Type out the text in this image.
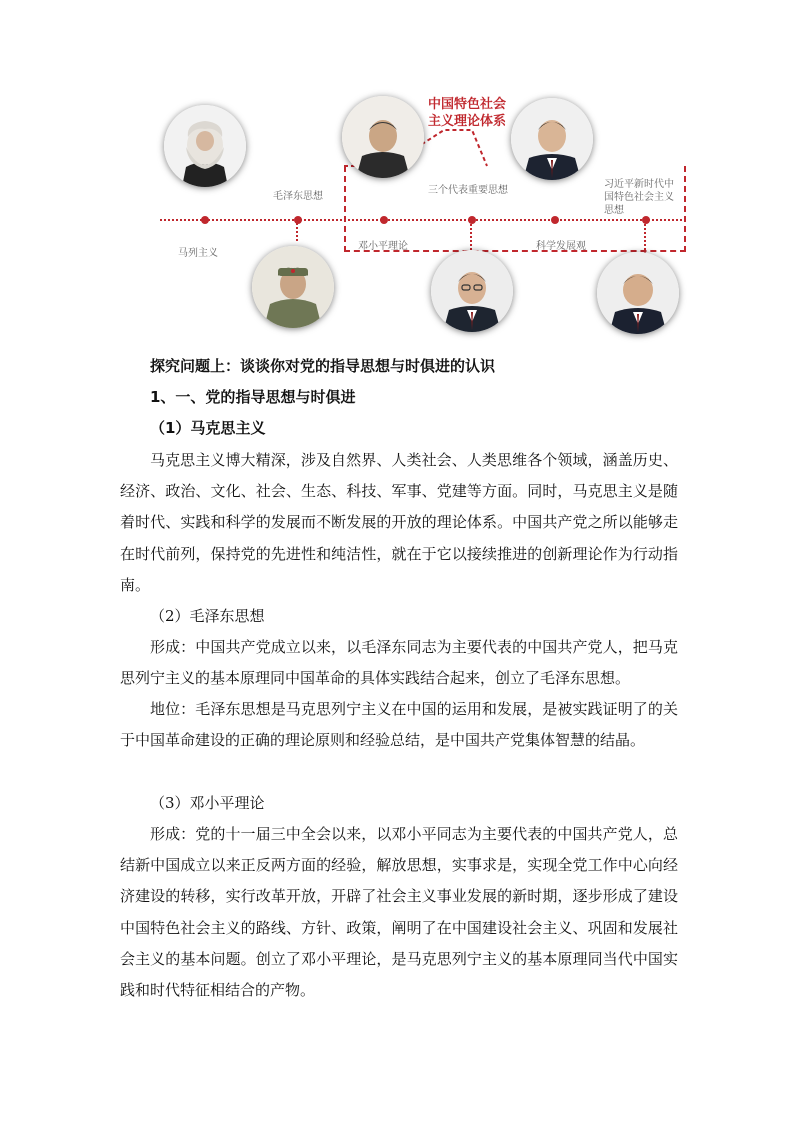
中国特色社会
主义理论体系
马列主义
毛泽东思想
邓小平理论
三个代表重要思想
科学发展观
习近平新时代中
国特色社会主义
思想
探究问题上：谈谈你对党的指导思想与时俱进的认识
1、一、党的指导思想与时俱进
（1）马克思主义
马克思主义博大精深，涉及自然界、人类社会、人类思维各个领域，涵盖历史、经济、政治、文化、社会、生态、科技、军事、党建等方面。同时，马克思主义是随着时代、实践和科学的发展而不断发展的开放的理论体系。中国共产党之所以能够走在时代前列，保持党的先进性和纯洁性，就在于它以接续推进的创新理论作为行动指南。
（2）毛泽东思想
形成：中国共产党成立以来，以毛泽东同志为主要代表的中国共产党人，把马克思列宁主义的基本原理同中国革命的具体实践结合起来，创立了毛泽东思想。
地位：毛泽东思想是马克思列宁主义在中国的运用和发展，是被实践证明了的关于中国革命建设的正确的理论原则和经验总结，是中国共产党集体智慧的结晶。
（3）邓小平理论
形成：党的十一届三中全会以来，以邓小平同志为主要代表的中国共产党人，总结新中国成立以来正反两方面的经验，解放思想，实事求是，实现全党工作中心向经济建设的转移，实行改革开放，开辟了社会主义事业发展的新时期，逐步形成了建设中国特色社会主义的路线、方针、政策，阐明了在中国建设社会主义、巩固和发展社会主义的基本问题。创立了邓小平理论，是马克思列宁主义的基本原理同当代中国实践和时代特征相结合的产物。
